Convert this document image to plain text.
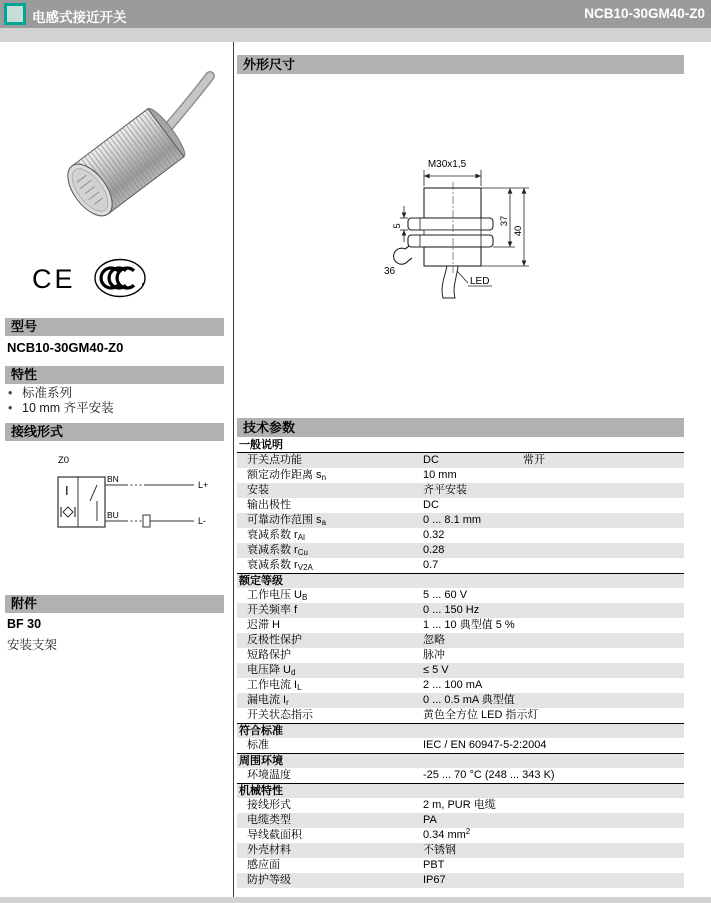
电感式接近开关	NCB10-30GM40-Z0
CE
型号
NCB10-30GM40-Z0
特性
• 标准系列
• 10 mm 齐平安装
接线形式
Z0
I
BN
L+
BU
L-
附件
BF 30
安装支架
外形尺寸
M30x1,5
37
40
5
36
LED
技术参数
一般说明
开关点功能	DC	常开
额定动作距离 $s_n$	10 mm
安装	齐平安装
输出极性	DC
可靠动作范围 $s_a$	0 ... 8.1 mm
衰减系数 $r_{Al}$	0.32
衰减系数 $r_{Cu}$	0.28
衰减系数 $r_{V2A}$	0.7
额定等级
工作电压 $U_B$	5 ... 60 V
开关频率 f	0 ... 150 Hz
迟滞 H	1 ... 10 典型值 5 %
反极性保护	忽略
短路保护	脉冲
电压降 $U_d$	≤ 5 V
工作电流 $I_L$	2 ... 100 mA
漏电流 $I_r$	0 ... 0.5 mA 典型值
开关状态指示	黄色全方位 LED 指示灯
符合标准
标准	IEC / EN 60947-5-2:2004
周围环境
环境温度	-25 ... 70 °C (248 ... 343 K)
机械特性
接线形式	2 m, PUR 电缆
电缆类型	PA
导线截面积	0.34 $mm^2$
外壳材料	不锈钢
感应面	PBT
防护等级	IP67
